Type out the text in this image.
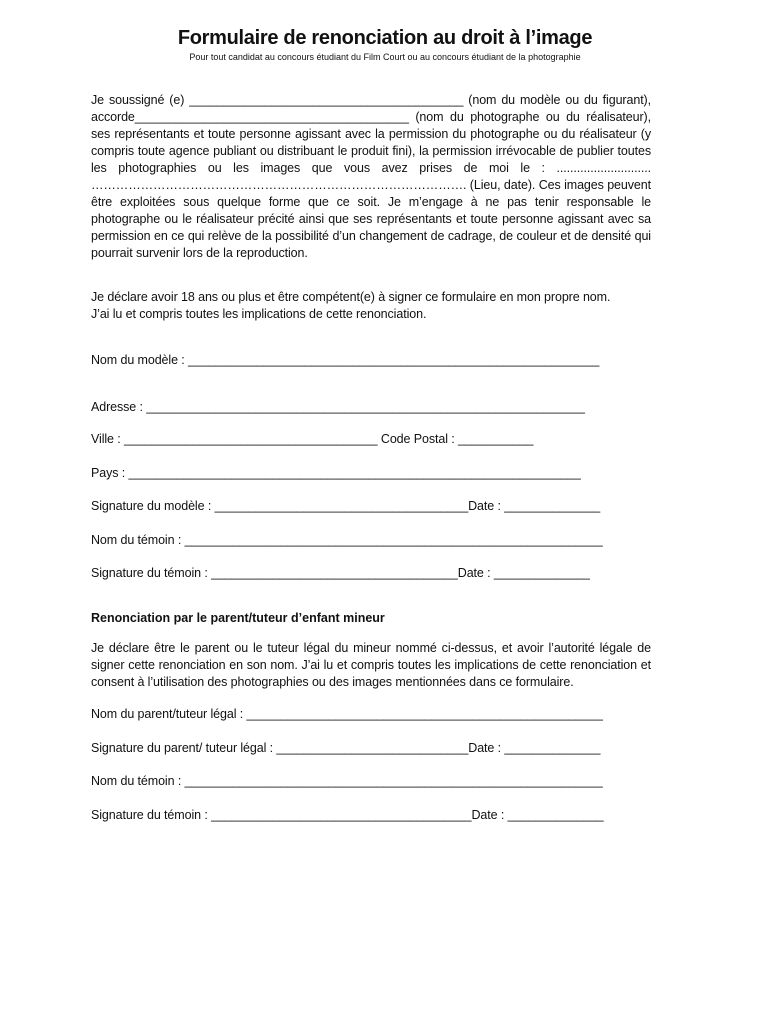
Formulaire de renonciation au droit à l’image
Pour tout candidat au concours étudiant du Film Court ou au concours étudiant de la photographie

Je soussigné (e) ________________________________________ (nom du modèle ou du figurant), accorde________________________________________ (nom du photographe ou du réalisateur), ses représentants et toute personne agissant avec la permission du photographe ou du réalisateur (y compris toute agence publiant ou distribuant le produit fini), la permission irrévocable de publier toutes les photographies ou les images que vous avez prises de moi le : ............................ ………………………………………………………………………………. (Lieu, date). Ces images peuvent être exploitées sous quelque forme que ce soit. Je m’engage à ne pas tenir responsable le photographe ou le réalisateur précité ainsi que ses représentants et toute personne agissant avec sa permission en ce qui relève de la possibilité d’un changement de cadrage, de couleur et de densité qui pourrait survenir lors de la reproduction.

Je déclare avoir 18 ans ou plus et être compétent(e) à signer ce formulaire en mon propre nom.

J’ai lu et compris toutes les implications de cette renonciation.

Nom du modèle : ____________________________________________________________
Adresse : ________________________________________________________________
Ville : _____________________________________ Code Postal : ___________
Pays : __________________________________________________________________
Signature du modèle : _____________________________________Date : ______________
Nom du témoin : _____________________________________________________________
Signature du témoin : ____________________________________Date : ______________
Renonciation par le parent/tuteur d’enfant mineur

Je déclare être le parent ou le tuteur légal du mineur nommé ci-dessus, et avoir l’autorité légale de signer cette renonciation en son nom. J’ai lu et compris toutes les implications de cette renonciation et consent à l’utilisation des photographies ou des images mentionnées dans ce formulaire.

Nom du parent/tuteur légal : ____________________________________________________
Signature du parent/ tuteur légal : ____________________________Date : ______________
Nom du témoin : _____________________________________________________________
Signature du témoin : ______________________________________Date : ______________
